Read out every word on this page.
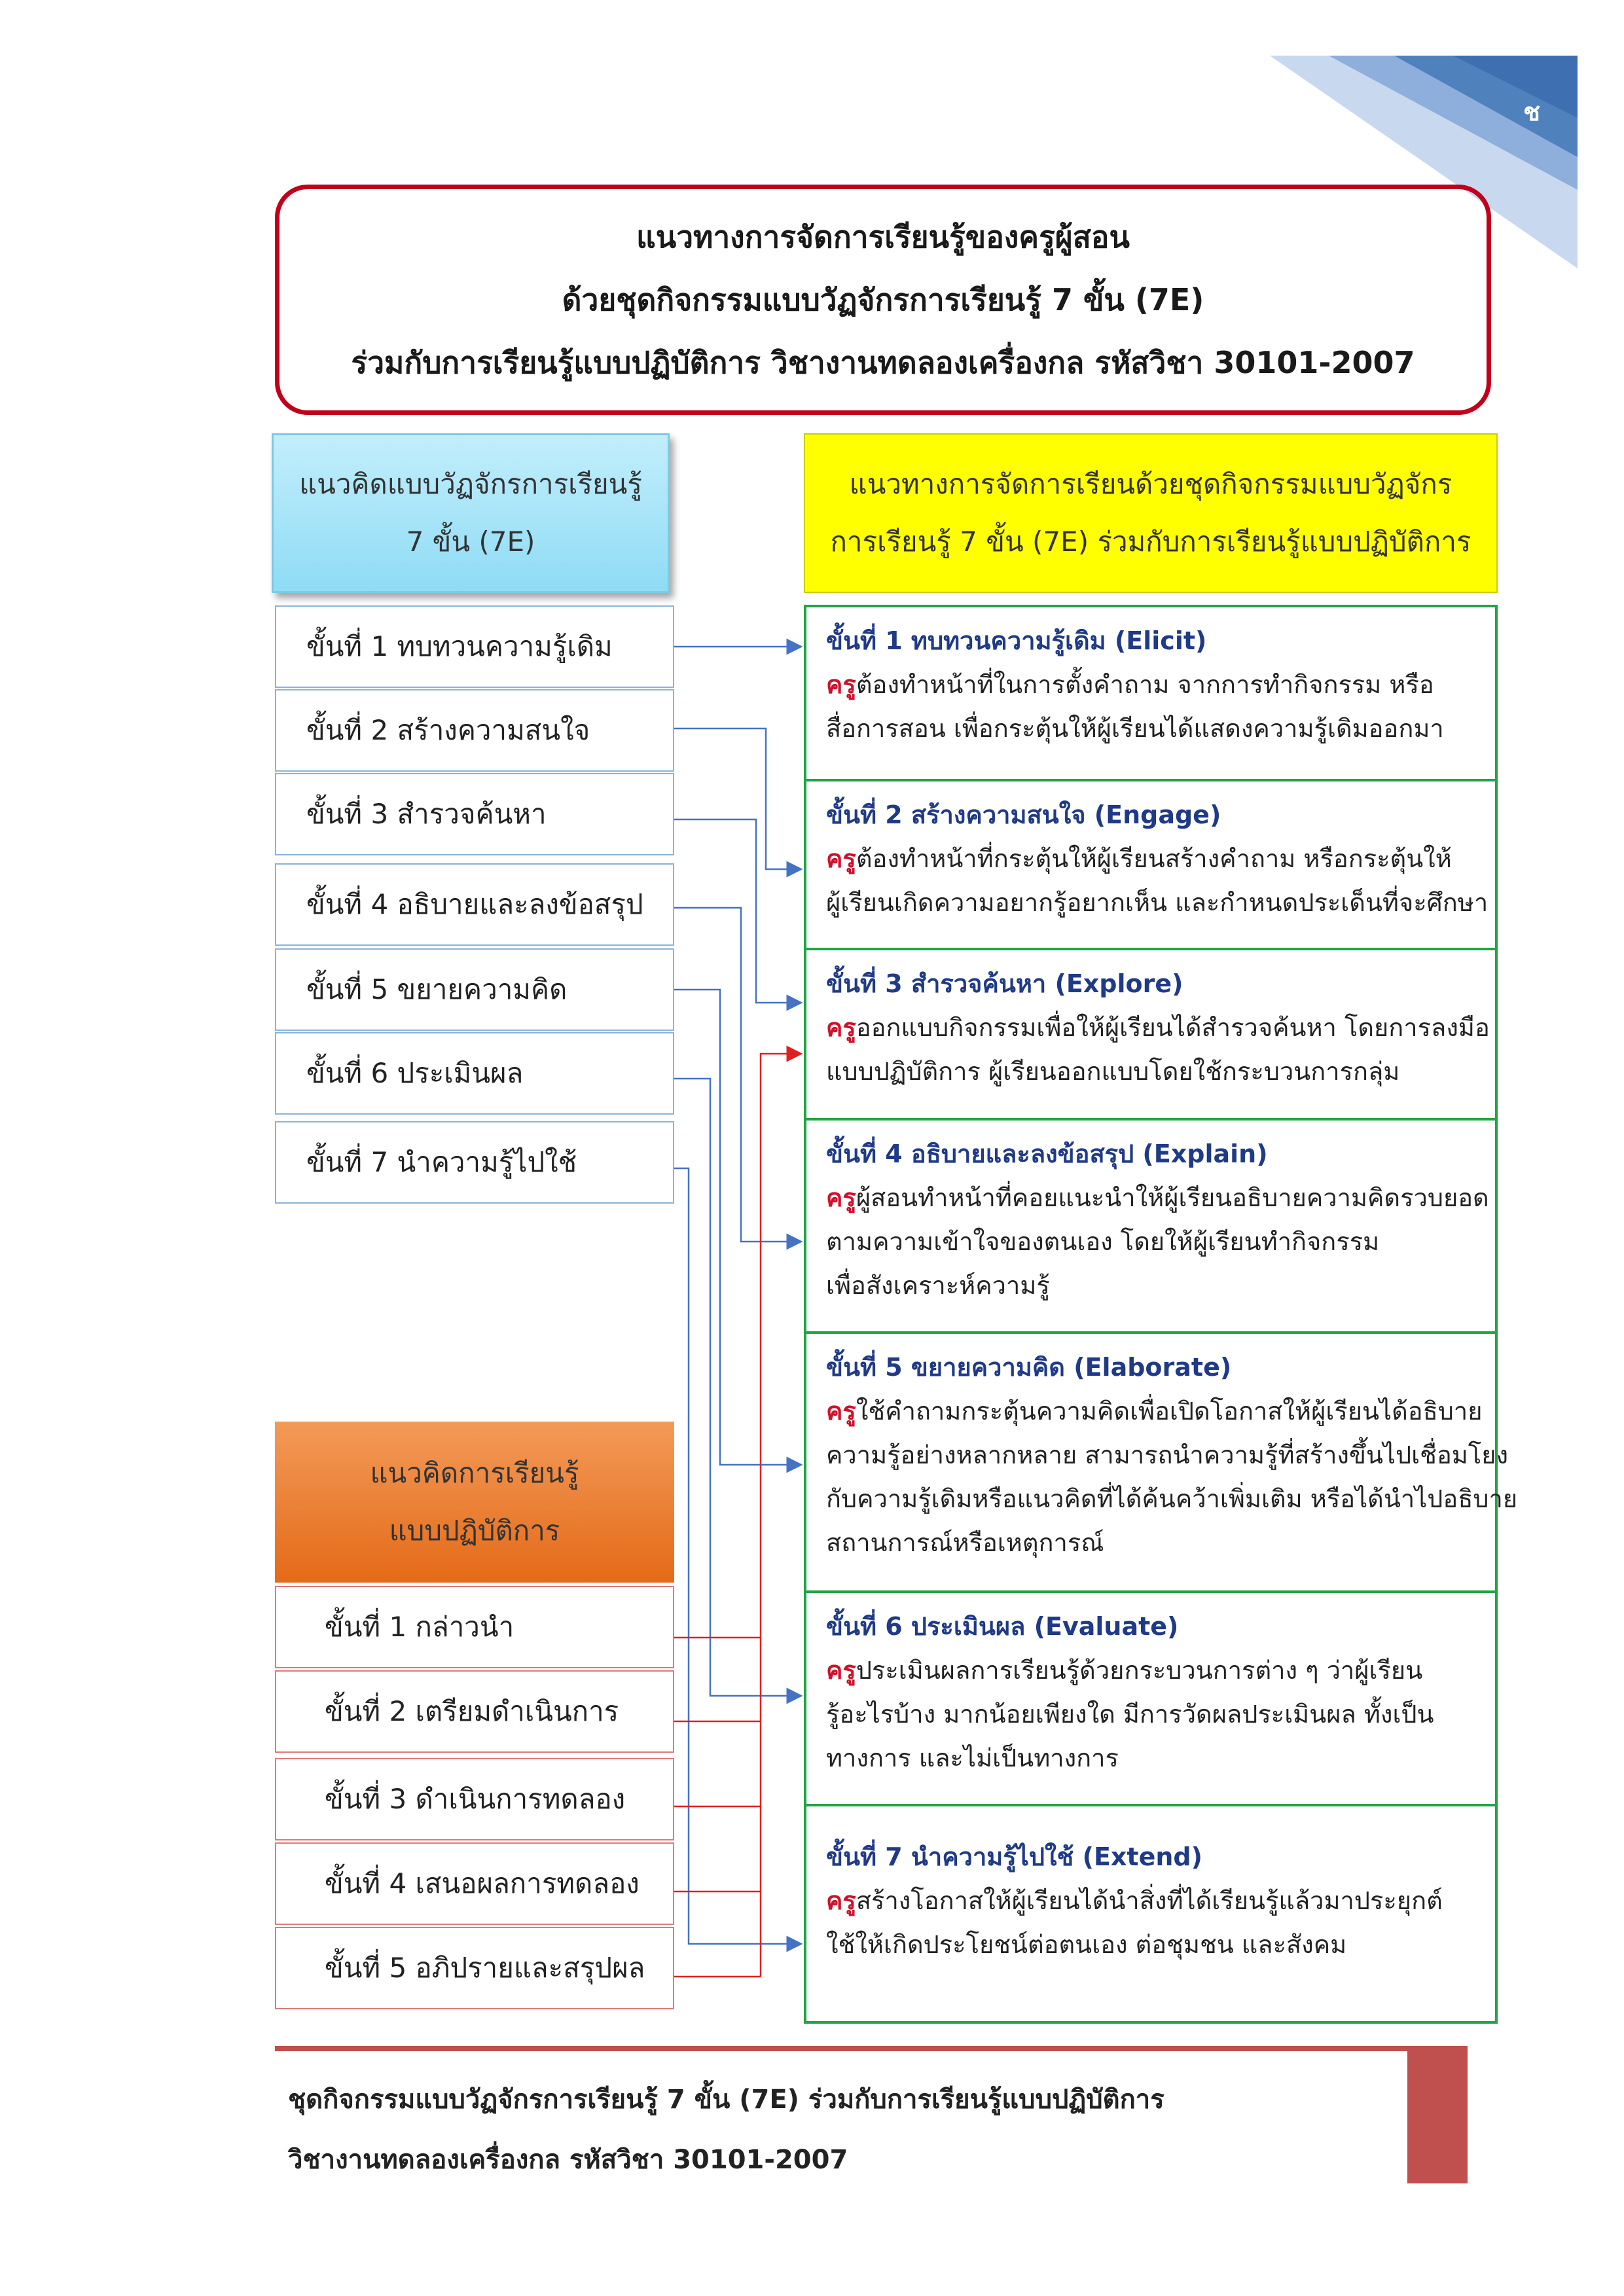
ช
แนวทางการจัดการเรียนรู้ของครูผู้สอน
ด้วยชุดกิจกรรมแบบวัฏจักรการเรียนรู้ 7 ขั้น (7E)
ร่วมกับการเรียนรู้แบบปฏิบัติการ วิชางานทดลองเครื่องกล รหัสวิชา 30101-2007
แนวคิดแบบวัฏจักรการเรียนรู้
7 ขั้น (7E)
แนวทางการจัดการเรียนด้วยชุดกิจกรรมแบบวัฏจักร
การเรียนรู้ 7 ขั้น (7E) ร่วมกับการเรียนรู้แบบปฏิบัติการ
แนวคิดการเรียนรู้
แบบปฏิบัติการ
ขั้นที่ 1 ทบทวนความรู้เดิม
ขั้นที่ 2 สร้างความสนใจ
ขั้นที่ 3 สำรวจค้นหา
ขั้นที่ 4 อธิบายและลงข้อสรุป
ขั้นที่ 5 ขยายความคิด
ขั้นที่ 6 ประเมินผล
ขั้นที่ 7 นำความรู้ไปใช้
ขั้นที่ 1 กล่าวนำ
ขั้นที่ 2 เตรียมดำเนินการ
ขั้นที่ 3 ดำเนินการทดลอง
ขั้นที่ 4 เสนอผลการทดลอง
ขั้นที่ 5 อภิปรายและสรุปผล
ขั้นที่ 1 ทบทวนความรู้เดิม (Elicit)
ครูต้องทำหน้าที่ในการตั้งคำถาม จากการทำกิจกรรม หรือ
สื่อการสอน เพื่อกระตุ้นให้ผู้เรียนได้แสดงความรู้เดิมออกมา
ขั้นที่ 2 สร้างความสนใจ (Engage)
ครูต้องทำหน้าที่กระตุ้นให้ผู้เรียนสร้างคำถาม หรือกระตุ้นให้
ผู้เรียนเกิดความอยากรู้อยากเห็น และกำหนดประเด็นที่จะศึกษา
ขั้นที่ 3 สำรวจค้นหา (Explore)
ครูออกแบบกิจกรรมเพื่อให้ผู้เรียนได้สำรวจค้นหา โดยการลงมือ
แบบปฏิบัติการ ผู้เรียนออกแบบโดยใช้กระบวนการกลุ่ม
ขั้นที่ 4 อธิบายและลงข้อสรุป (Explain)
ครูผู้สอนทำหน้าที่คอยแนะนำให้ผู้เรียนอธิบายความคิดรวบยอด
ตามความเข้าใจของตนเอง โดยให้ผู้เรียนทำกิจกรรม
เพื่อสังเคราะห์ความรู้
ขั้นที่ 5 ขยายความคิด (Elaborate)
ครูใช้คำถามกระตุ้นความคิดเพื่อเปิดโอกาสให้ผู้เรียนได้อธิบาย
ความรู้อย่างหลากหลาย สามารถนำความรู้ที่สร้างขึ้นไปเชื่อมโยง
กับความรู้เดิมหรือแนวคิดที่ได้ค้นคว้าเพิ่มเติม หรือได้นำไปอธิบาย
สถานการณ์หรือเหตุการณ์
ขั้นที่ 6 ประเมินผล (Evaluate)
ครูประเมินผลการเรียนรู้ด้วยกระบวนการต่าง ๆ ว่าผู้เรียน
รู้อะไรบ้าง มากน้อยเพียงใด มีการวัดผลประเมินผล ทั้งเป็น
ทางการ และไม่เป็นทางการ
ขั้นที่ 7 นำความรู้ไปใช้ (Extend)
ครูสร้างโอกาสให้ผู้เรียนได้นำสิ่งที่ได้เรียนรู้แล้วมาประยุกต์
ใช้ให้เกิดประโยชน์ต่อตนเอง ต่อชุมชน และสังคม
ชุดกิจกรรมแบบวัฏจักรการเรียนรู้ 7 ขั้น (7E) ร่วมกับการเรียนรู้แบบปฏิบัติการ
วิชางานทดลองเครื่องกล รหัสวิชา 30101-2007
